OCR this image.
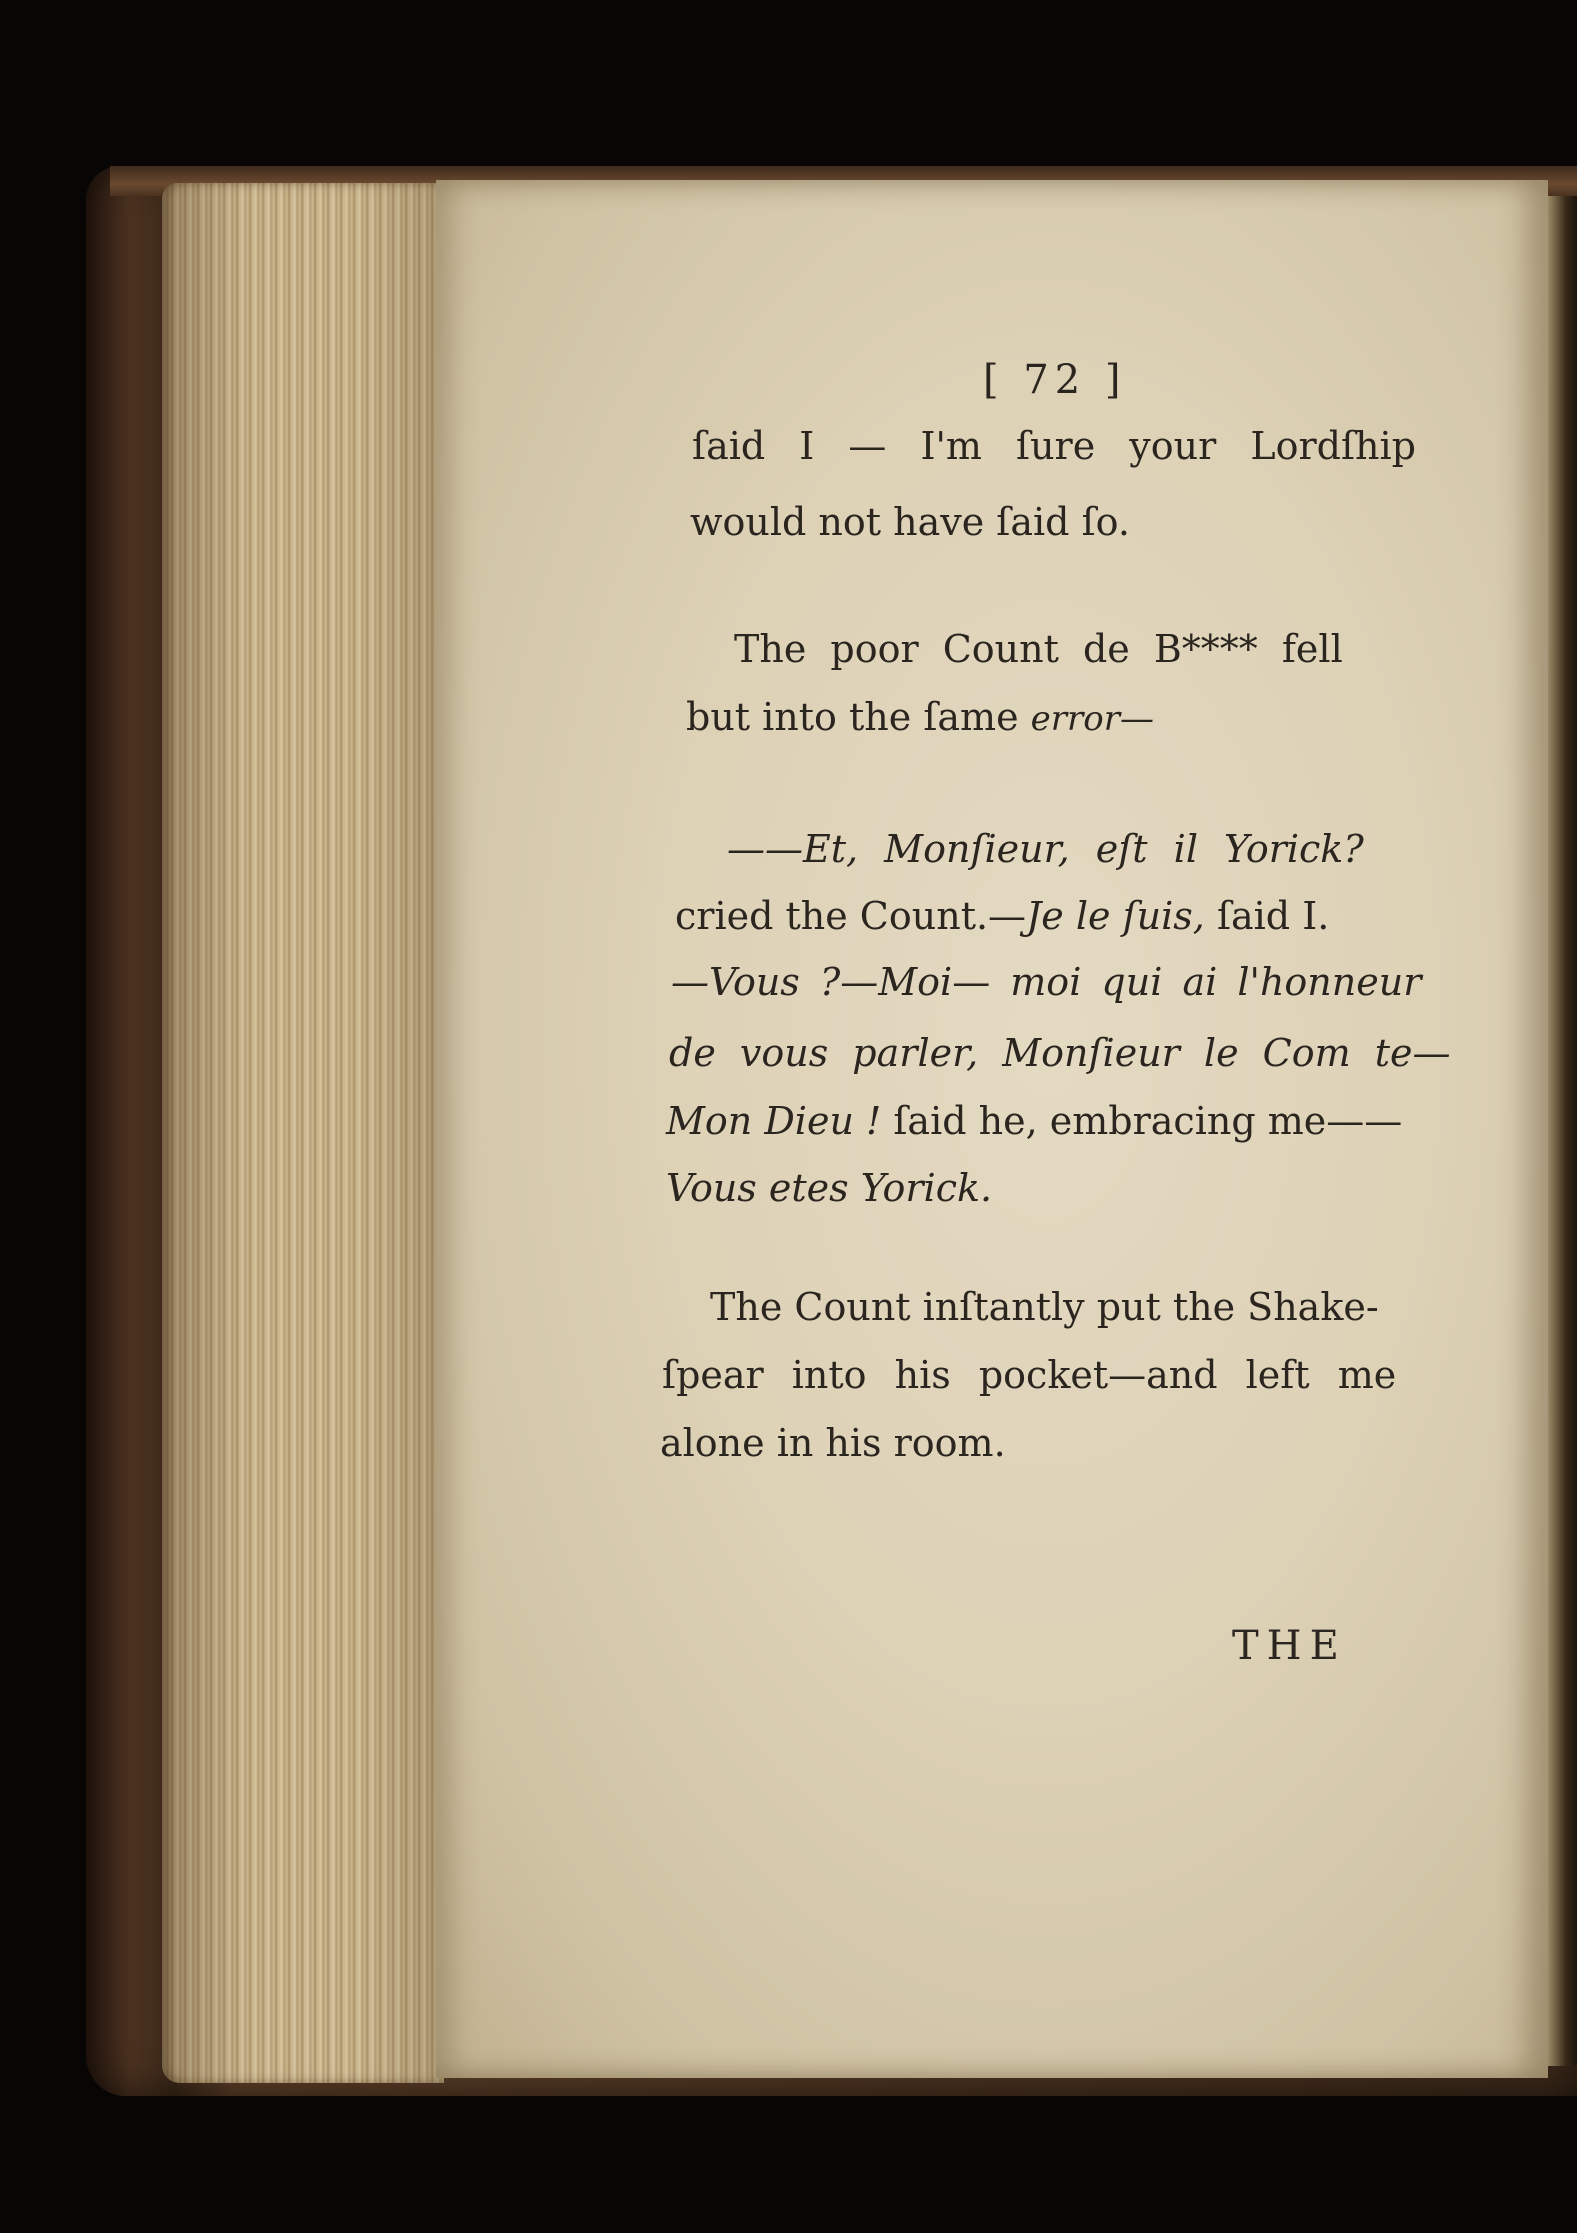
[ 72 ]
ſaid I — I'm ſure your Lordſhip
would not have ſaid ſo.
The poor Count de B**** fell
but into the ſame error—
——Et, Monſieur, eſt il Yorick?
cried the Count.—Je le ſuis, ſaid I.
—Vous ?—Moi— moi qui ai l'honneur
de vous parler, Monſieur le Com te—
Mon Dieu ! ſaid he, embracing me——
Vous etes Yorick.
The Count inſtantly put the Shake-
ſpear into his pocket—and left me
alone in his room.
THE
